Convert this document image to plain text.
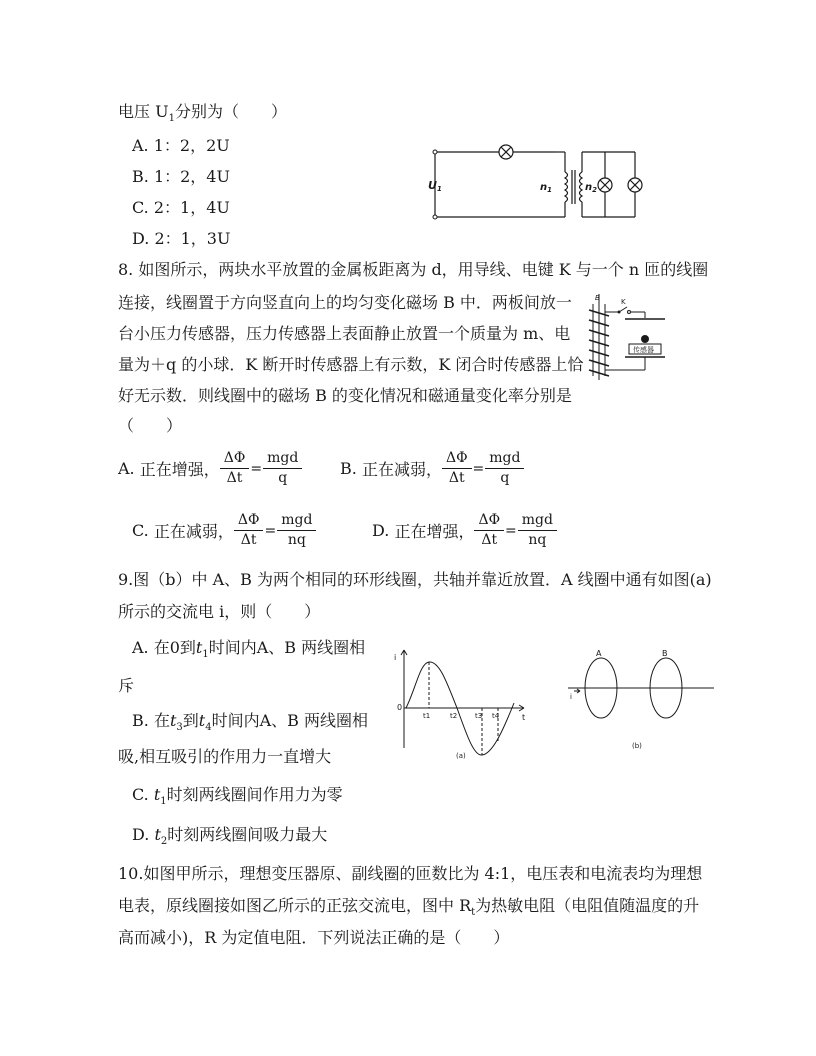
电压 $U_1$分别为（　　）
A. 1：2，2U
B. 1：2，4U
C. 2：1，4U
D. 2：1，3U
U1	$n_1$	$n_2$
8. 如图所示，两块水平放置的金属板距离为 d，用导线、电键 K 与一个 n 匝的线圈
连接，线圈置于方向竖直向上的均匀变化磁场 B 中．两板间放一
台小压力传感器，压力传感器上表面静止放置一个质量为 m、电
量为＋q 的小球．K 断开时传感器上有示数，K 闭合时传感器上恰
好无示数．则线圈中的磁场 B 的变化情况和磁通量变化率分别是
（　　）
B	K
传感器
A.
正在增强， $\frac{\Delta\Phi}{\Delta t} = \frac{\text{mgd}}{q} B$.
正在减弱， $\frac{\Delta\Phi}{\Delta t} = \frac{\text{mgd}}{q}$
C.
正在减弱， $\frac{\Delta\Phi}{\Delta t} = \frac{\text{mgd}}{nq}$	D.
正在增强， $\frac{\Delta\Phi}{\Delta t} = \frac{\text{mgd}}{nq}$
9.图（b）中 A、B 为两个相同的环形线圈，共轴并靠近放置．A 线圈中通有如图(a)
所示的交流电 i，则（　　）
A. 在0到$t_1$时间内A、B 两线圈相
斥
B. 在$t_3$到$t_4$时间内A、B 两线圈相
吸,相互吸引的作用力一直增大
C. $t_1$时刻两线圈间作用力为零
D. $t_2$时刻两线圈间吸力最大
i
t
0
t1	t2	t3 t4
(a)
A	B
i
(b)
10.如图甲所示，理想变压器原、副线圈的匝数比为 4:1，电压表和电流表均为理想
电表，原线圈接如图乙所示的正弦交流电，图中 $R_t$为热敏电阻（电阻值随温度的升
高而减小)，R 为定值电阻．下列说法正确的是（　　）
